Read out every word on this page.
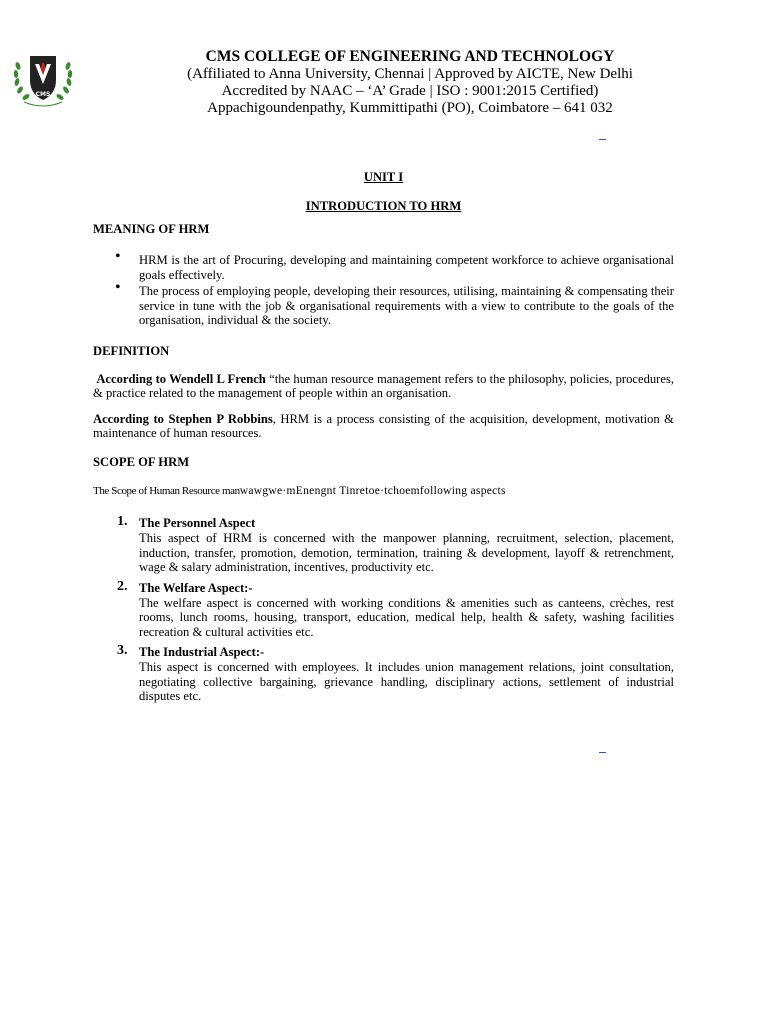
CMS
CMS COLLEGE OF ENGINEERING AND TECHNOLOGY
(Affiliated to Anna University, Chennai | Approved by AICTE, New Delhi
Accredited by NAAC – ‘A’ Grade | ISO : 9001:2015 Certified)
Appachigoundenpathy, Kummittipathi (PO), Coimbatore – 641 032
UNIT I
INTRODUCTION TO HRM
MEANING OF HRM
• HRM is the art of Procuring, developing and maintaining competent workforce to achieve organisational goals effectively.
• The process of employing people, developing their resources, utilising, maintaining & compensating their service in tune with the job & organisational requirements with a view to contribute to the goals of the organisation, individual & the society.
DEFINITION

According to Wendell L French “the human resource management refers to the philosophy, policies, procedures, & practice related to the management of people within an organisation.

According to Stephen P Robbins, HRM is a process consisting of the acquisition, development, motivation & maintenance of human resources.

SCOPE OF HRM

The Scope of Human Resource manwawgwe·mEnengnt Tinretoe·tchoemfollowing aspects

1. The Personnel Aspect

This aspect of HRM is concerned with the manpower planning, recruitment, selection, placement, induction, transfer, promotion, demotion, termination, training & development, layoff & retrenchment, wage & salary administration, incentives, productivity etc.

2. The Welfare Aspect:-

The welfare aspect is concerned with working conditions & amenities such as canteens, crèches, rest rooms, lunch rooms, housing, transport, education, medical help, health & safety, washing facilities recreation & cultural activities etc.

3. The Industrial Aspect:-

This aspect is concerned with employees. It includes union management relations, joint consultation, negotiating collective bargaining, grievance handling, disciplinary actions, settlement of industrial disputes etc.
